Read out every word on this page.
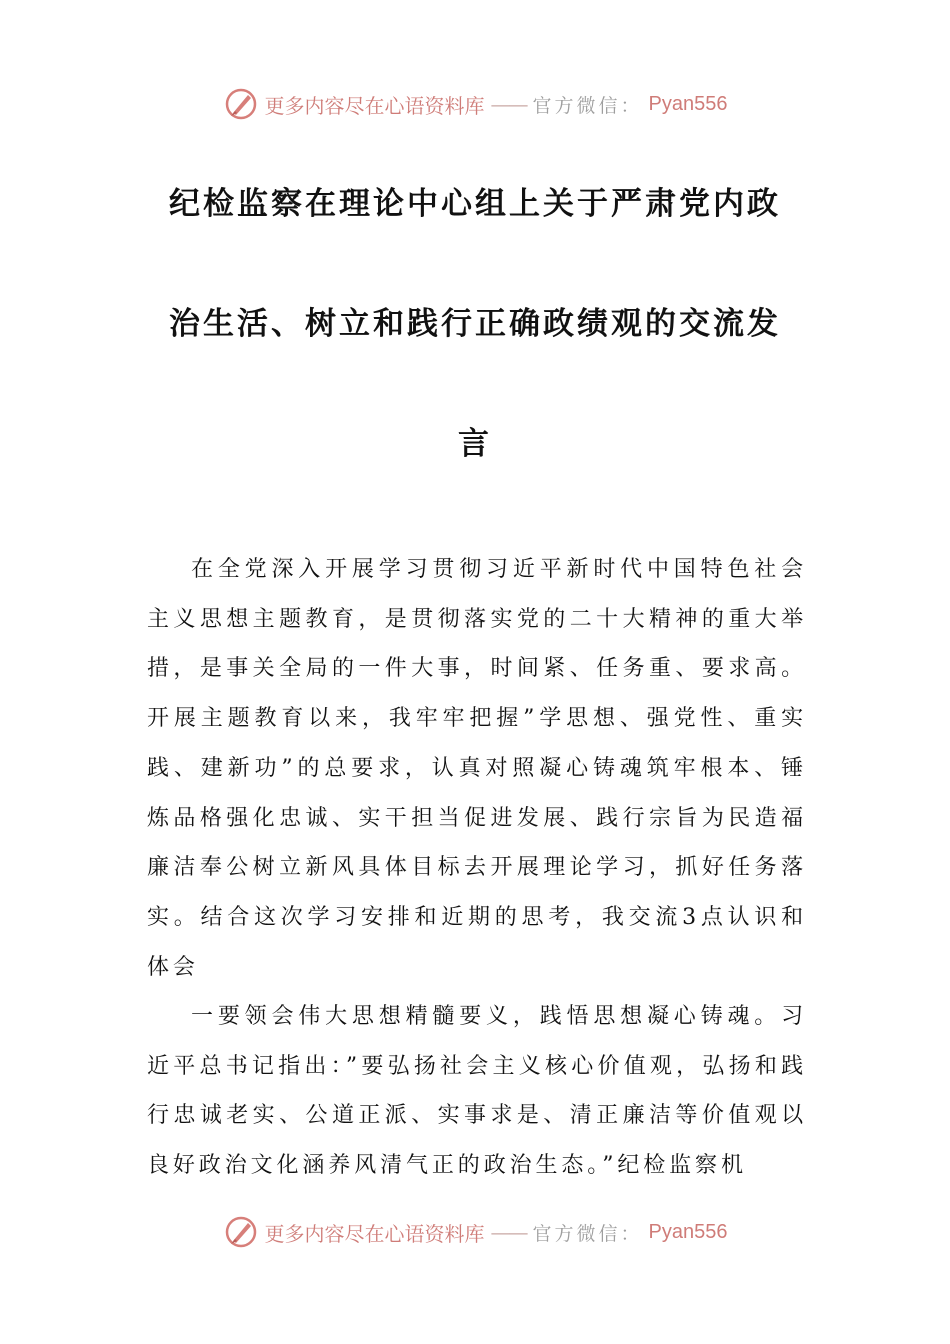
更多内容尽在心语资料库 —— 官方微信： Pyan556
纪检监察在理论中心组上关于严肃党内政
治生活、树立和践行正确政绩观的交流发
言

在全党深入开展学习贯彻习近平新时代中国特色社会主义思想主题教育，是贯彻落实党的二十大精神的重大举措，是事关全局的一件大事，时间紧、任务重、要求高。开展主题教育以来，我牢牢把握”学思想、强党性、重实践、建新功”的总要求，认真对照凝心铸魂筑牢根本、锤炼品格强化忠诚、实干担当促进发展、践行宗旨为民造福廉洁奉公树立新风具体目标去开展理论学习，抓好任务落实。结合这次学习安排和近期的思考，我交流3点认识和体会

一要领会伟大思想精髓要义，践悟思想凝心铸魂。习近平总书记指出：”要弘扬社会主义核心价值观，弘扬和践行忠诚老实、公道正派、实事求是、清正廉洁等价值观以良好政治文化涵养风清气正的政治生态。”纪检监察机

更多内容尽在心语资料库 —— 官方微信： Pyan556
